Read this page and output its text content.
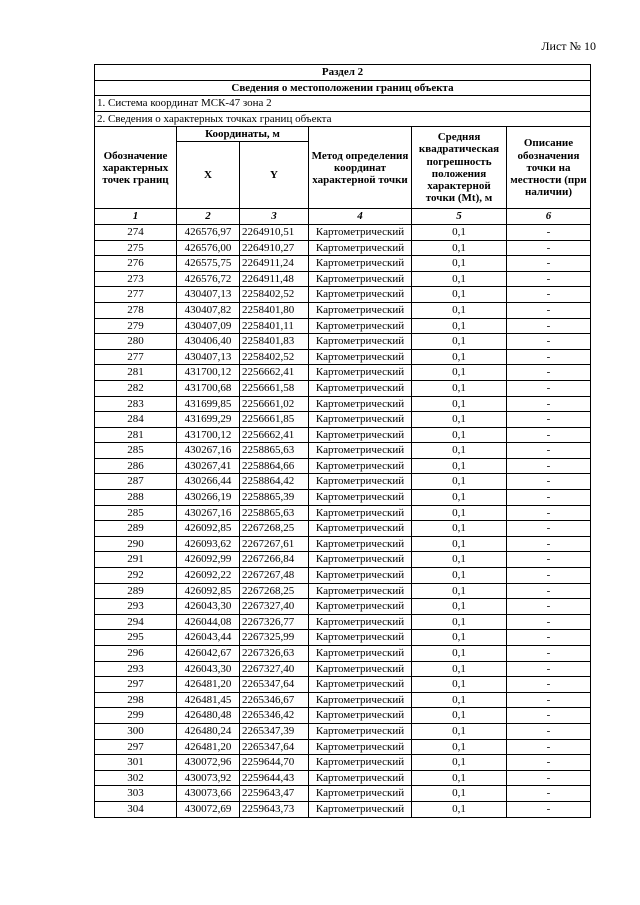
Лист № 10
Раздел 2					
Сведения о местоположении границ объекта					
1. Система координат МСК-47 зона 2					
2. Сведения о характерных точках границ объекта					
Обозначение характерных точек границ	Координаты, м		Метод определения координат характерной точки	Средняя квадратическая погрешность положения характерной точки (Mt), м	Описание обозначения точки на местности (при наличии)
	X	Y			
1	2	3	4	5	6
274	426576,97	2264910,51	Картометрический	0,1	-
275	426576,00	2264910,27	Картометрический	0,1	-
276	426575,75	2264911,24	Картометрический	0,1	-
273	426576,72	2264911,48	Картометрический	0,1	-
277	430407,13	2258402,52	Картометрический	0,1	-
278	430407,82	2258401,80	Картометрический	0,1	-
279	430407,09	2258401,11	Картометрический	0,1	-
280	430406,40	2258401,83	Картометрический	0,1	-
277	430407,13	2258402,52	Картометрический	0,1	-
281	431700,12	2256662,41	Картометрический	0,1	-
282	431700,68	2256661,58	Картометрический	0,1	-
283	431699,85	2256661,02	Картометрический	0,1	-
284	431699,29	2256661,85	Картометрический	0,1	-
281	431700,12	2256662,41	Картометрический	0,1	-
285	430267,16	2258865,63	Картометрический	0,1	-
286	430267,41	2258864,66	Картометрический	0,1	-
287	430266,44	2258864,42	Картометрический	0,1	-
288	430266,19	2258865,39	Картометрический	0,1	-
285	430267,16	2258865,63	Картометрический	0,1	-
289	426092,85	2267268,25	Картометрический	0,1	-
290	426093,62	2267267,61	Картометрический	0,1	-
291	426092,99	2267266,84	Картометрический	0,1	-
292	426092,22	2267267,48	Картометрический	0,1	-
289	426092,85	2267268,25	Картометрический	0,1	-
293	426043,30	2267327,40	Картометрический	0,1	-
294	426044,08	2267326,77	Картометрический	0,1	-
295	426043,44	2267325,99	Картометрический	0,1	-
296	426042,67	2267326,63	Картометрический	0,1	-
293	426043,30	2267327,40	Картометрический	0,1	-
297	426481,20	2265347,64	Картометрический	0,1	-
298	426481,45	2265346,67	Картометрический	0,1	-
299	426480,48	2265346,42	Картометрический	0,1	-
300	426480,24	2265347,39	Картометрический	0,1	-
297	426481,20	2265347,64	Картометрический	0,1	-
301	430072,96	2259644,70	Картометрический	0,1	-
302	430073,92	2259644,43	Картометрический	0,1	-
303	430073,66	2259643,47	Картометрический	0,1	-
304	430072,69	2259643,73	Картометрический	0,1	-
